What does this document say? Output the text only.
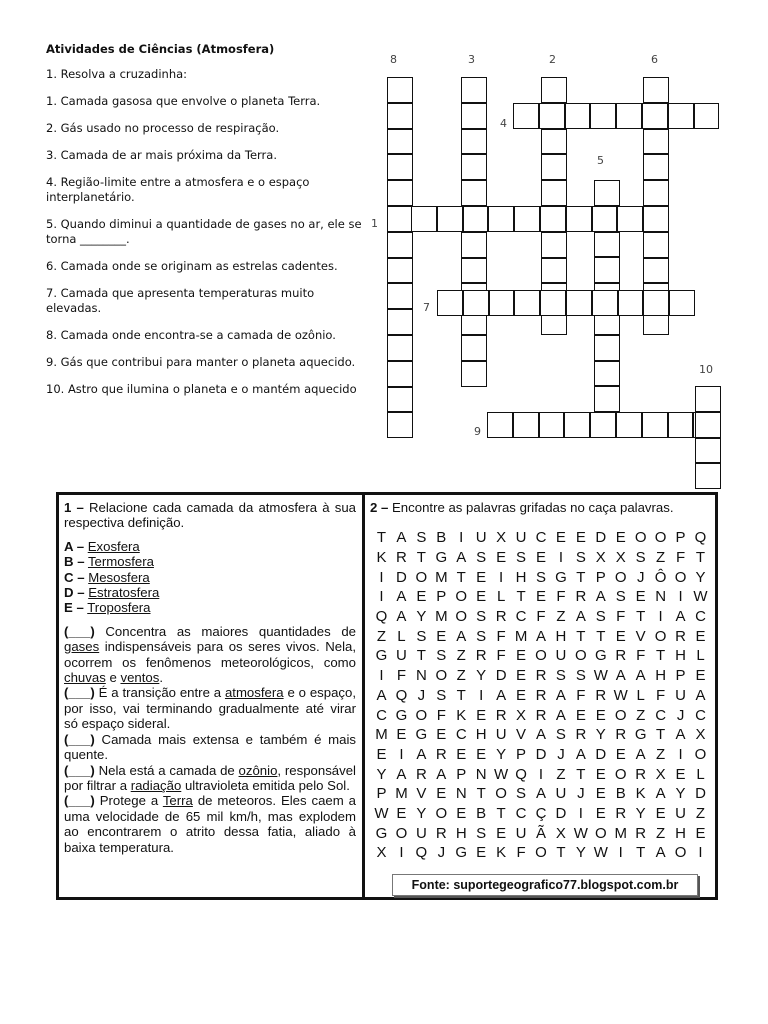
Atividades de Ciências (Atmosfera)
1. Resolva a cruzadinha:
1. Camada gasosa que envolve o planeta Terra.
2. Gás usado no processo de respiração.
3. Camada de ar mais próxima da Terra.
4. Região-limite entre a atmosfera e o espaço interplanetário.
5. Quando diminui a quantidade de gases no ar, ele se torna ________.
6. Camada onde se originam as estrelas cadentes.
7. Camada que apresenta temperaturas muito elevadas.
8. Camada onde encontra-se a camada de ozônio.
9. Gás que contribui para manter o planeta aquecido.
10. Astro que ilumina o planeta e o mantém aquecido
8	3	2	6
4
5
1
7
10
9

1 – Relacione cada camada da atmosfera à sua respectiva definição.

A – Exosfera

B – Termosfera

C – Mesosfera

D – Estratosfera

E – Troposfera

(___) Concentra as maiores quantidades de gases indispensáveis para os seres vivos. Nela, ocorrem os fenômenos meteorológicos, como chuvas e ventos.

(___) É a transição entre a atmosfera e o espaço, por isso, vai terminando gradualmente até virar só espaço sideral.

(___) Camada mais extensa e também é mais quente.

(___) Nela está a camada de ozônio, responsável por filtrar a radiação ultravioleta emitida pelo Sol.

(___) Protege a Terra de meteoros. Eles caem a uma velocidade de 65 mil km/h, mas explodem ao encontrarem o atrito dessa fatia, aliado à baixa temperatura.

2 – Encontre as palavras grifadas no caça palavras.
T A S B I U X U C E E D E O O P Q
K R T G A S E S E I S X X S Z F T
I D O M T E I H S G T P O J Ô O Y
I A E P O E L T E F R A S E N I W
Q A Y M O S R C F Z A S F T I A C
Z L S E A S F M A H T T E V O R E
G U T S Z R F E O U O G R F T H L
I F N O Z Y D E R S S W A A H P E
A Q J S T I A E R A F R W L F U A
C G O F K E R X R A E E O Z C J C
M E G E C H U V A S R Y R G T A X
E I A R E E Y P D J A D E A Z I O
Y A R A P N W Q I Z T E O R X E L
P M V E N T O S A U J E B K A Y D
W E Y O E B T C Ç D I E R Y E U Z
G O U R H S E U Ã X W O M R Z H E
X I Q J G E K F O T Y W I T A O I
Fonte: suportegeografico77.blogspot.com.br
